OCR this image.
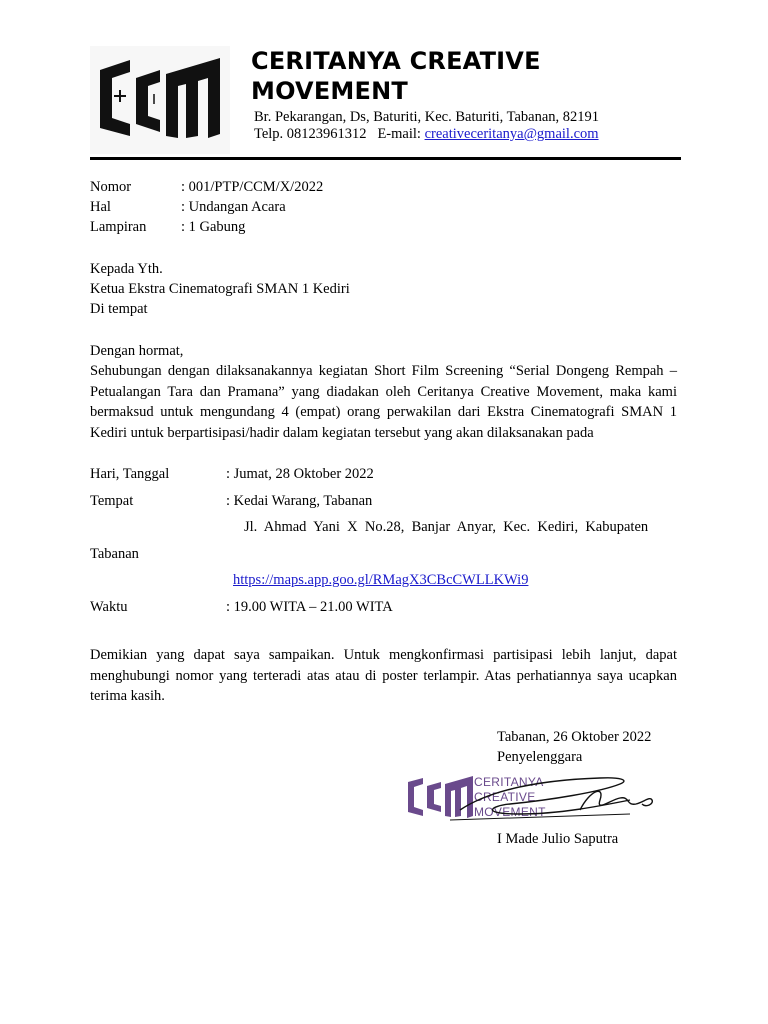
CERITANYA CREATIVE MOVEMENT
Br. Pekarangan, Ds, Baturiti, Kec. Baturiti, Tabanan, 82191
Telp. 08123961312 E-mail: creativeceritanya@gmail.com
Nomor	: 001/PTP/CCM/X/2022
Hal	: Undangan Acara
Lampiran : 1 Gabung
Kepada Yth.
Ketua Ekstra Cinematografi SMAN 1 Kediri
Di tempat
Dengan hormat,
Sehubungan dengan dilaksanakannya kegiatan Short Film Screening “Serial Dongeng Rempah – Petualangan Tara dan Pramana” yang diadakan oleh Ceritanya Creative Movement, maka kami bermaksud untuk mengundang 4 (empat) orang perwakilan dari Ekstra Cinematografi SMAN 1 Kediri untuk berpartisipasi/hadir dalam kegiatan tersebut yang akan dilaksanakan pada
Hari, Tanggal	: Jumat, 28 Oktober 2022
Tempat	: Kedai Warang, Tabanan
Jl.  Ahmad  Yani  X  No.28,  Banjar  Anyar,  Kec.  Kediri,  Kabupaten
Tabanan
https://maps.app.goo.gl/RMagX3CBcCWLLKWi9
Waktu	: 19.00 WITA – 21.00 WITA
Demikian yang dapat saya sampaikan. Untuk mengkonfirmasi partisipasi lebih lanjut, dapat menghubungi nomor yang terteradi atas atau di poster terlampir. Atas perhatiannya saya ucapkan terima kasih.
Tabanan, 26 Oktober 2022
Penyelenggara
CERITANYA
CREATIVE
MOVEMENT
I Made Julio Saputra
